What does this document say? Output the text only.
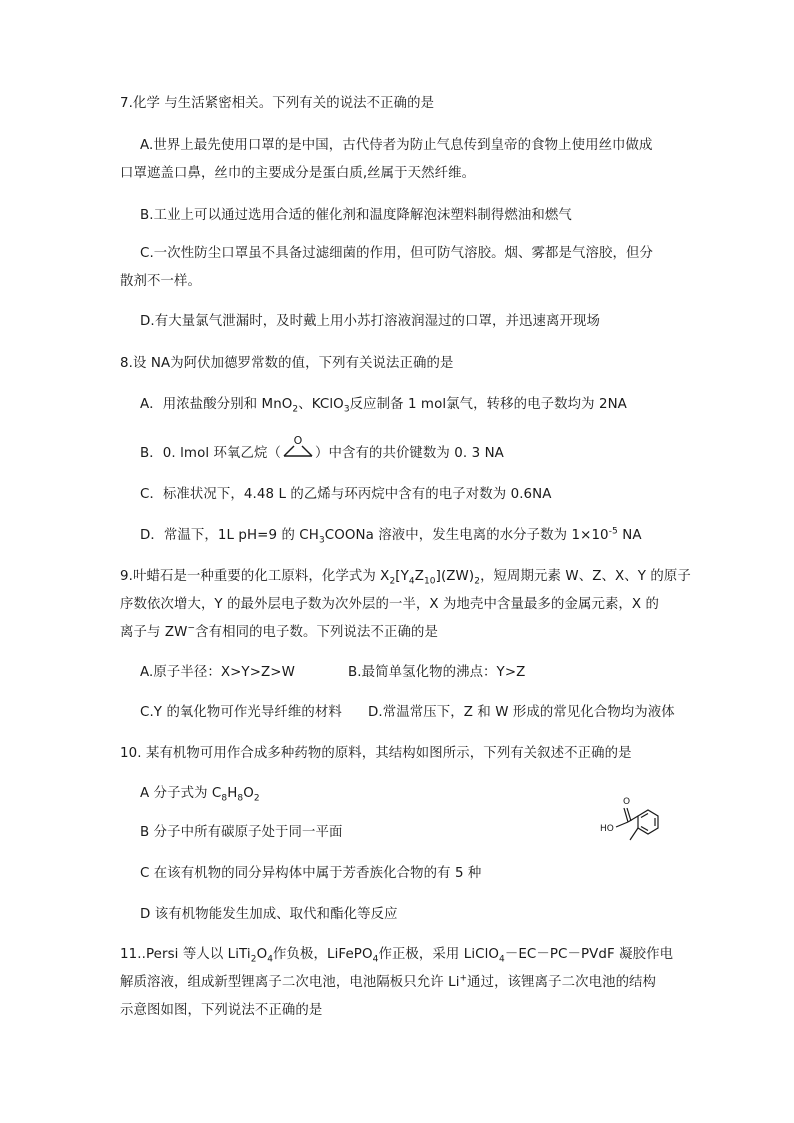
7.化学 与生活紧密相关。下列有关的说法不正确的是
A.世界上最先使用口罩的是中国，古代侍者为防止气息传到皇帝的食物上使用丝巾做成
口罩遮盖口鼻，丝巾的主要成分是蛋白质,丝属于天然纤维。
B.工业上可以通过选用合适的催化剂和温度降解泡沫塑料制得燃油和燃气
C.一次性防尘口罩虽不具备过滤细菌的作用，但可防气溶胶。烟、雾都是气溶胶，但分
散剂不一样。
D.有大量氯气泄漏时，及时戴上用小苏打溶液润湿过的口罩，并迅速离开现场
8.设 NA为阿伏加德罗常数的值，下列有关说法正确的是
A．用浓盐酸分别和 MnO$_2$、KClO$_3$反应制备 1 mol氯气，转移的电子数均为 2NA
B．0. lmol 环氧乙烷（
O
）中含有的共价键数为 0. 3 NA
C．标准状况下，4.48 L 的乙烯与环丙烷中含有的电子对数为 0.6NA
D．常温下，1L pH=9 的 $CH_3COONa$ 溶液中，发生电离的水分子数为 $1\times 10^{-5}$ NA
9.叶蜡石是一种重要的化工原料，化学式为 $X_2[Y_4Z_{10}](ZW)_2$，短周期元素 W、Z、X、Y 的原子
序数依次增大，Y 的最外层电子数为次外层的一半，X 为地壳中含量最多的金属元素，X 的
离子与 ZW−含有相同的电子数。下列说法不正确的是
A.原子半径：X>Y>Z>W	B.最简单氢化物的沸点：Y>Z
C.Y 的氧化物可作光导纤维的材料 D.常温常压下，Z 和 W 形成的常见化合物均为液体
10. 某有机物可用作合成多种药物的原料，其结构如图所示，下列有关叙述不正确的是
A 分子式为 $C_8H_8O_2$
B 分子中所有碳原子处于同一平面
C 在该有机物的同分异构体中属于芳香族化合物的有 5 种
D 该有机物能发生加成、取代和酯化等反应
O
HO
11..Persi 等人以 $LiTi_2O_4$作负极，LiFePO$_4$作正极，采用 LiClO$_4$－EC－PC－PVdF 凝胶作电
解质溶液，组成新型锂离子二次电池，电池隔板只允许 Li+通过，该锂离子二次电池的结构
示意图如图，下列说法不正确的是
